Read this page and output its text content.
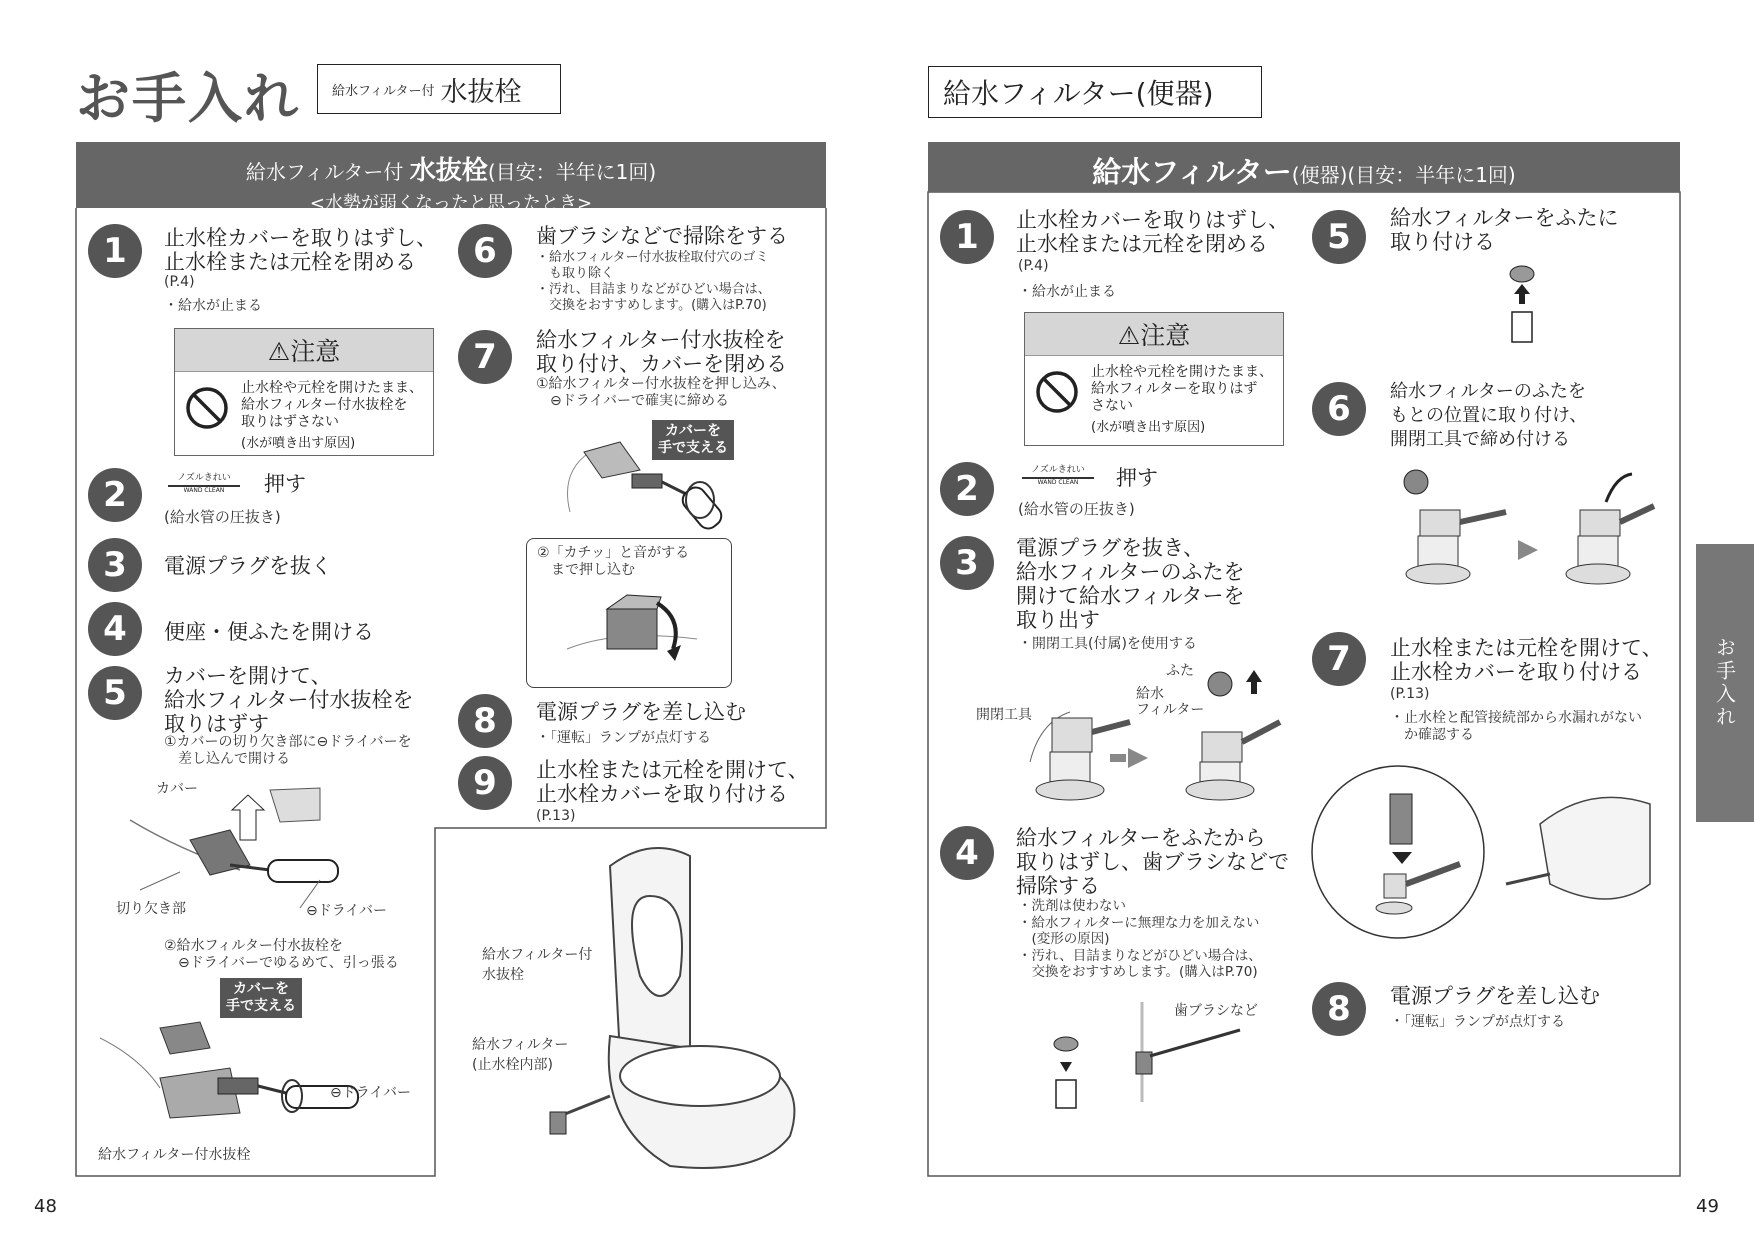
お手入れ 給水フィルター付 水抜栓	給水フィルター(便器)
給水フィルター付 水抜栓(目安：半年に1回)
<水勢が弱くなったと思ったとき>
給水フィルター(便器)(目安：半年に1回)
1	止水栓カバーを取りはずし、
止水栓または元栓を閉める
(P.4)
・給水が止まる
⚠注意
止水栓や元栓を開けたまま、
給水フィルター付水抜栓を
取りはずさない
(水が噴き出す原因)
2	ノズルきれい
WAND CLEAN	押す
(給水管の圧抜き)
3	電源プラグを抜く
4	便座・便ふたを開ける
5	カバーを開けて、
給水フィルター付水抜栓を
取りはずす
①カバーの切り欠き部に⊖ドライバーを
　差し込んで開ける
カバー
切り欠き部	⊖ドライバー
②給水フィルター付水抜栓を
　⊖ドライバーでゆるめて、引っ張る
カバーを
手で支える
⊖ドライバー
給水フィルター付水抜栓
6	歯ブラシなどで掃除をする
・給水フィルター付水抜栓取付穴のゴミ
　も取り除く
・汚れ、目詰まりなどがひどい場合は、
　交換をおすすめします。(購入はP.70)
7	給水フィルター付水抜栓を
取り付け、カバーを閉める
①給水フィルター付水抜栓を押し込み、
　⊖ドライバーで確実に締める
カバーを
手で支える
②「カチッ」と音がする
　まで押し込む
8	電源プラグを差し込む
・「運転」ランプが点灯する
9	止水栓または元栓を開けて、
止水栓カバーを取り付ける
(P.13)
給水フィルター付
水抜栓
給水フィルター
(止水栓内部)
1	止水栓カバーを取りはずし、
止水栓または元栓を閉める
(P.4)
・給水が止まる
⚠注意
止水栓や元栓を開けたまま、
給水フィルターを取りはず
さない
(水が噴き出す原因)
2	ノズルきれい
WAND CLEAN	押す
(給水管の圧抜き)
3	電源プラグを抜き、
給水フィルターのふたを
開けて給水フィルターを
取り出す
・開閉工具(付属)を使用する
ふた
開閉工具
給水
フィルター
4	給水フィルターをふたから
取りはずし、歯ブラシなどで
掃除する
・洗剤は使わない
・給水フィルターに無理な力を加えない
　(変形の原因)
・汚れ、目詰まりなどがひどい場合は、
　交換をおすすめします。(購入はP.70)
歯ブラシなど
5	給水フィルターをふたに
取り付ける
6	給水フィルターのふたを
もとの位置に取り付け、
開閉工具で締め付ける
7	止水栓または元栓を開けて、
止水栓カバーを取り付ける
(P.13)
・止水栓と配管接続部から水漏れがない
　か確認する
8	電源プラグを差し込む
・「運転」ランプが点灯する
お手入れ
48	49
